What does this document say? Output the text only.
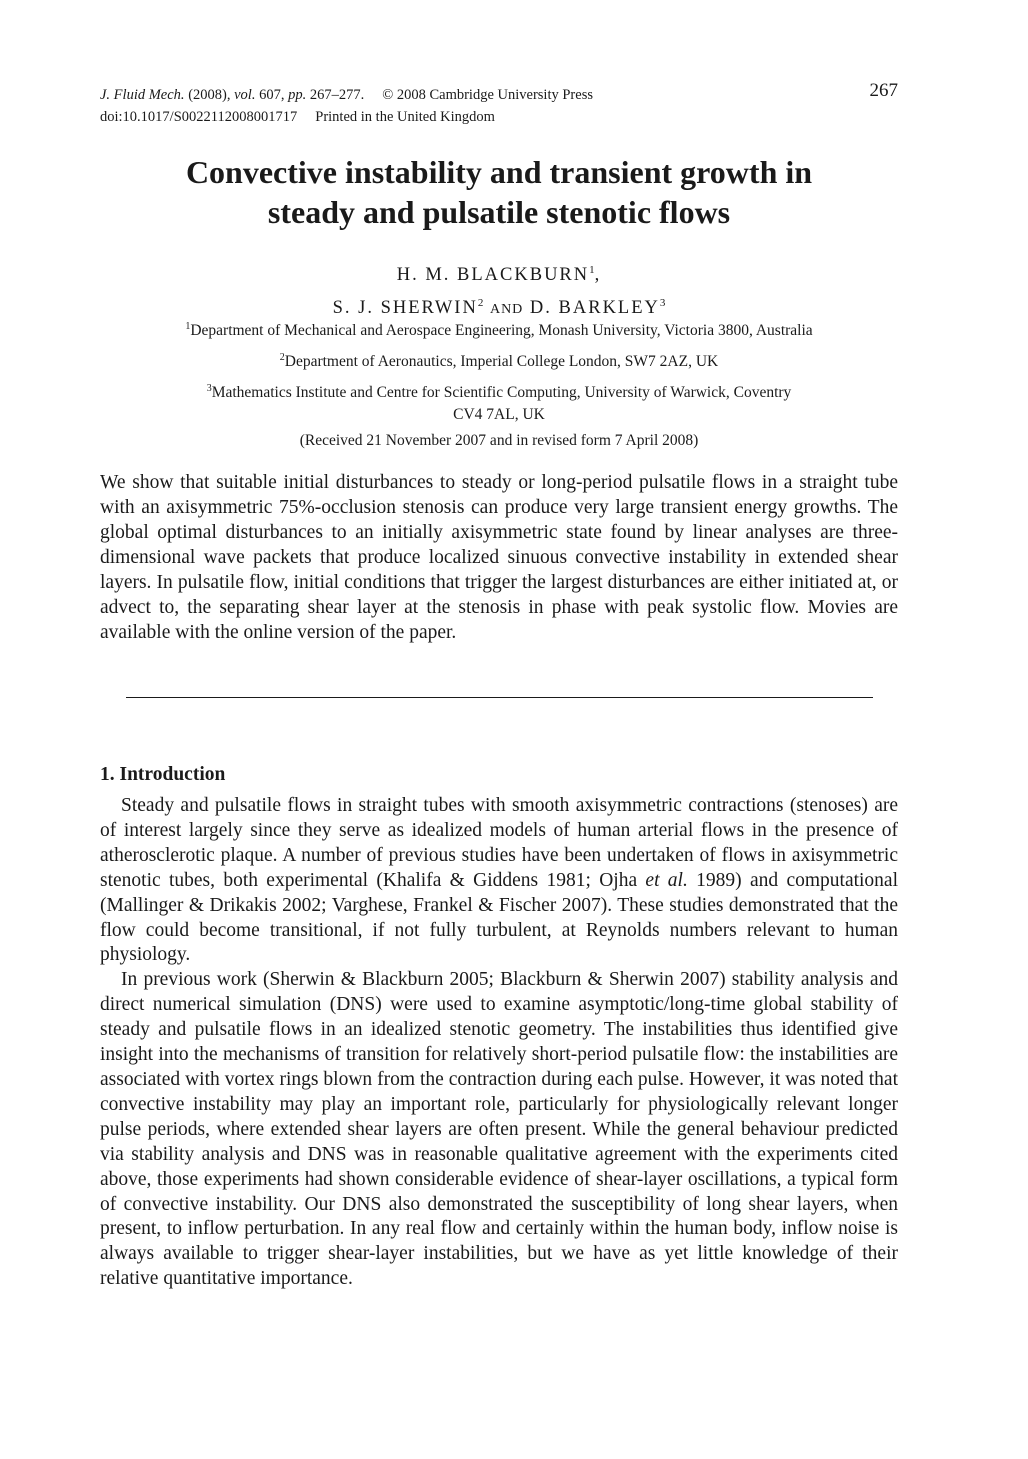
J. Fluid Mech. (2008), vol. 607, pp. 267–277. © 2008 Cambridge University Press
doi:10.1017/S0022112008001717 Printed in the United Kingdom
267
Convective instability and transient growth in
steady and pulsatile stenotic flows
H. M. BLACKBURN$^1$,
S. J. SHERWIN$^2$ AND D. BARKLEY$^3$
$^1$Department of Mechanical and Aerospace Engineering, Monash University, Victoria 3800, Australia
$^2$Department of Aeronautics, Imperial College London, SW7 2AZ, UK
$^3$Mathematics Institute and Centre for Scientific Computing, University of Warwick, Coventry
CV4 7AL, UK
(Received 21 November 2007 and in revised form 7 April 2008)
We show that suitable initial disturbances to steady or long-period pulsatile flows in a straight tube with an axisymmetric 75%-occlusion stenosis can produce very large transient energy growths. The global optimal disturbances to an initially axisymmetric state found by linear analyses are three-dimensional wave packets that produce localized sinuous convective instability in extended shear layers. In pulsatile flow, initial conditions that trigger the largest disturbances are either initiated at, or advect to, the separating shear layer at the stenosis in phase with peak systolic flow. Movies are available with the online version of the paper.
1. Introduction

Steady and pulsatile flows in straight tubes with smooth axisymmetric contractions (stenoses) are of interest largely since they serve as idealized models of human arterial flows in the presence of atherosclerotic plaque. A number of previous studies have been undertaken of flows in axisymmetric stenotic tubes, both experimental (Khalifa & Giddens 1981; Ojha et al. 1989) and computational (Mallinger & Drikakis 2002; Varghese, Frankel & Fischer 2007). These studies demonstrated that the flow could become transitional, if not fully turbulent, at Reynolds numbers relevant to human physiology.

In previous work (Sherwin & Blackburn 2005; Blackburn & Sherwin 2007) stability analysis and direct numerical simulation (DNS) were used to examine asymptotic/long-time global stability of steady and pulsatile flows in an idealized stenotic geometry. The instabilities thus identified give insight into the mechanisms of transition for relatively short-period pulsatile flow: the instabilities are associated with vortex rings blown from the contraction during each pulse. However, it was noted that convective instability may play an important role, particularly for physiologically relevant longer pulse periods, where extended shear layers are often present. While the general behaviour predicted via stability analysis and DNS was in reasonable qualitative agreement with the experiments cited above, those experiments had shown considerable evidence of shear-layer oscillations, a typical form of convective instability. Our DNS also demonstrated the susceptibility of long shear layers, when present, to inflow perturbation. In any real flow and certainly within the human body, inflow noise is always available to trigger shear-layer instabilities, but we have as yet little knowledge of their relative quantitative importance.
